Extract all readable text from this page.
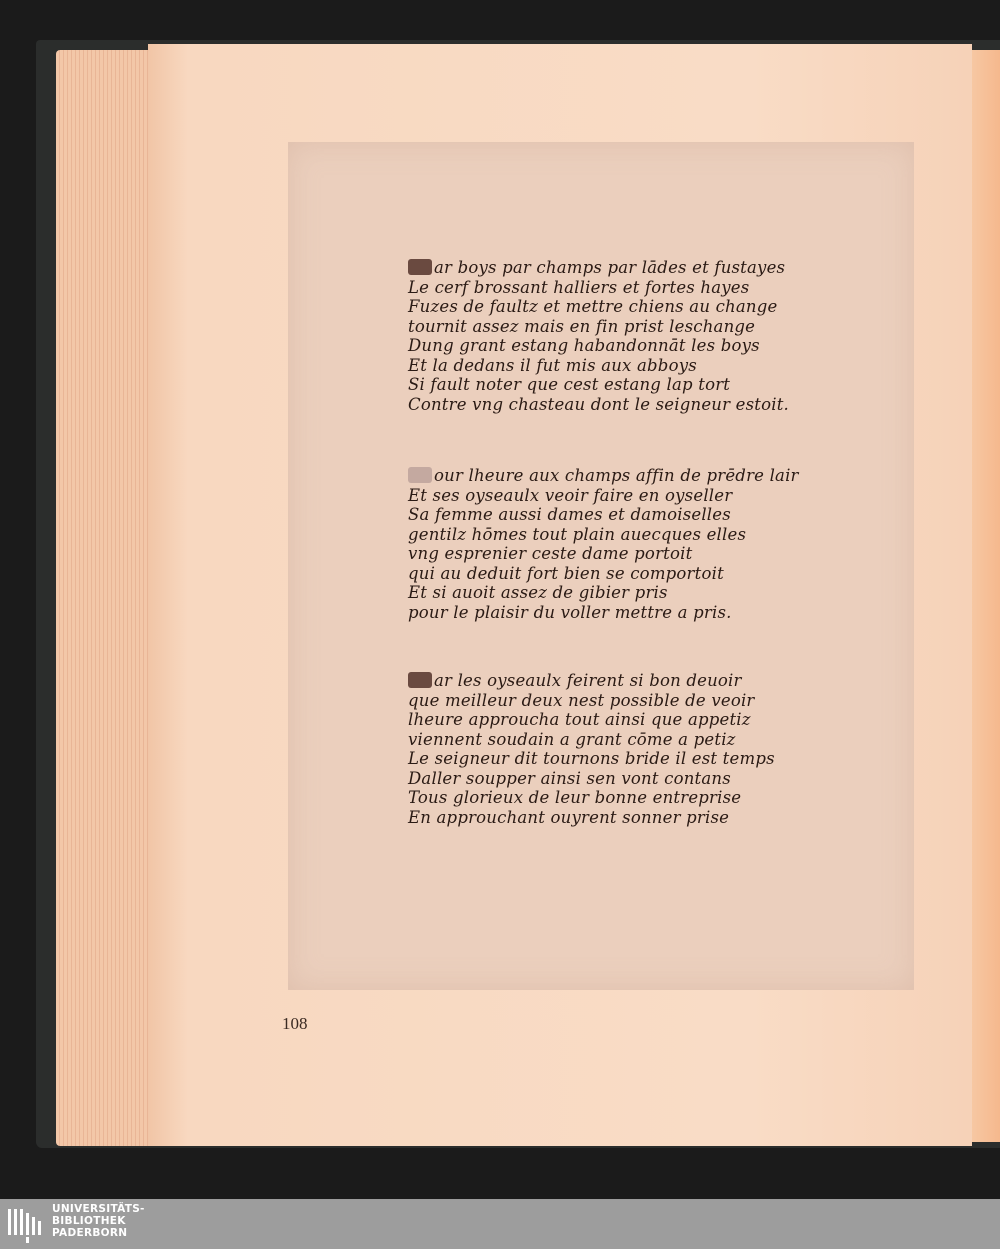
ar boys par champs par lādes et fustayes
Le cerf brossant halliers et fortes hayes
Fuzes de faultz et mettre chiens au change
tournit assez mais en fin prist leschange
Dung grant estang habandonnāt les boys
Et la dedans il fut mis aux abboys
Si fault noter que cest estang lap tort
Contre vng chasteau dont le seigneur estoit.
our lheure aux champs affin de prēdre lair
Et ses oyseaulx veoir faire en oyseller
Sa femme aussi dames et damoiselles
gentilz hōmes tout plain auecques elles
vng esprenier ceste dame portoit
qui au deduit fort bien se comportoit
Et si auoit assez de gibier pris
pour le plaisir du voller mettre a pris.
ar les oyseaulx feirent si bon deuoir
que meilleur deux nest possible de veoir
lheure approucha tout ainsi que appetiz
viennent soudain a grant cōme a petiz
Le seigneur dit tournons bride il est temps
Daller soupper ainsi sen vont contans
Tous glorieux de leur bonne entreprise
En approuchant ouyrent sonner prise
108
UNIVERSITÄTS-
BIBLIOTHEK
PADERBORN
